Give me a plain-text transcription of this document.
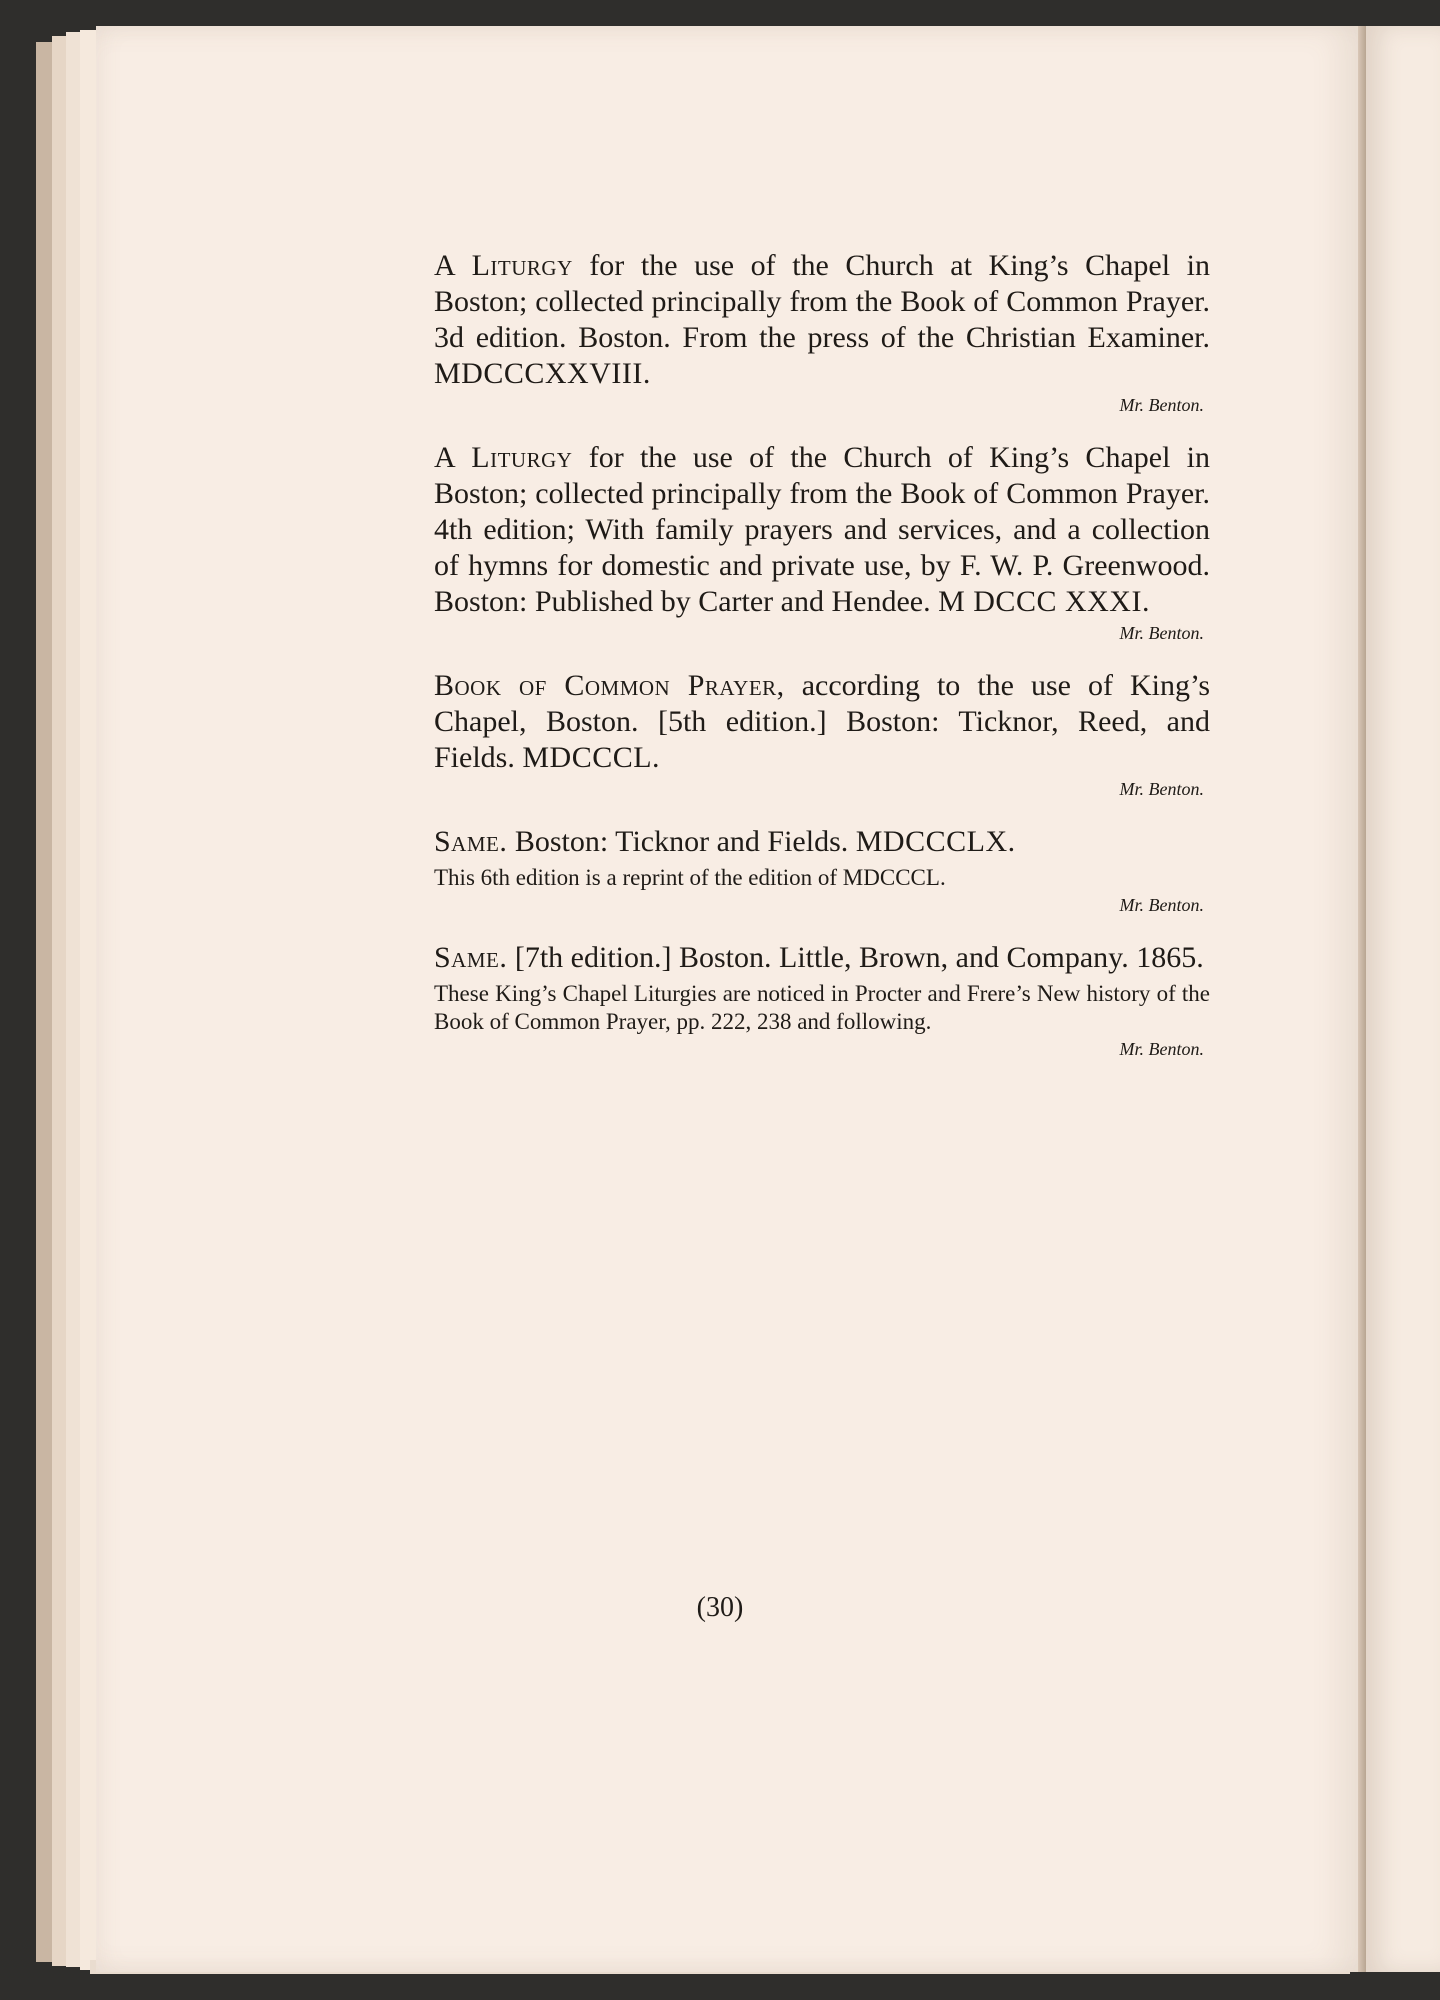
A Liturgy for the use of the Church at King’s Chapel in Boston; collected principally from the Book of Common Prayer. 3d edition. Boston. From the press of the Christian Examiner. MDCCCXXVIII.

Mr. Benton.

A Liturgy for the use of the Church of King’s Chapel in Boston; collected principally from the Book of Common Prayer. 4th edition; With family prayers and services, and a collection of hymns for domestic and private use, by F. W. P. Greenwood. Boston: Published by Carter and Hendee. M DCCC XXXI.

Mr. Benton.

Book of Common Prayer, according to the use of King’s Chapel, Boston. [5th edition.] Boston: Ticknor, Reed, and Fields. MDCCCL.

Mr. Benton.

Same. Boston: Ticknor and Fields. MDCCCLX.

This 6th edition is a reprint of the edition of MDCCCL.

Mr. Benton.

Same. [7th edition.] Boston. Little, Brown, and Company. 1865.

These King’s Chapel Liturgies are noticed in Procter and Frere’s New history of the Book of Common Prayer, pp. 222, 238 and following.

Mr. Benton.
(30)
